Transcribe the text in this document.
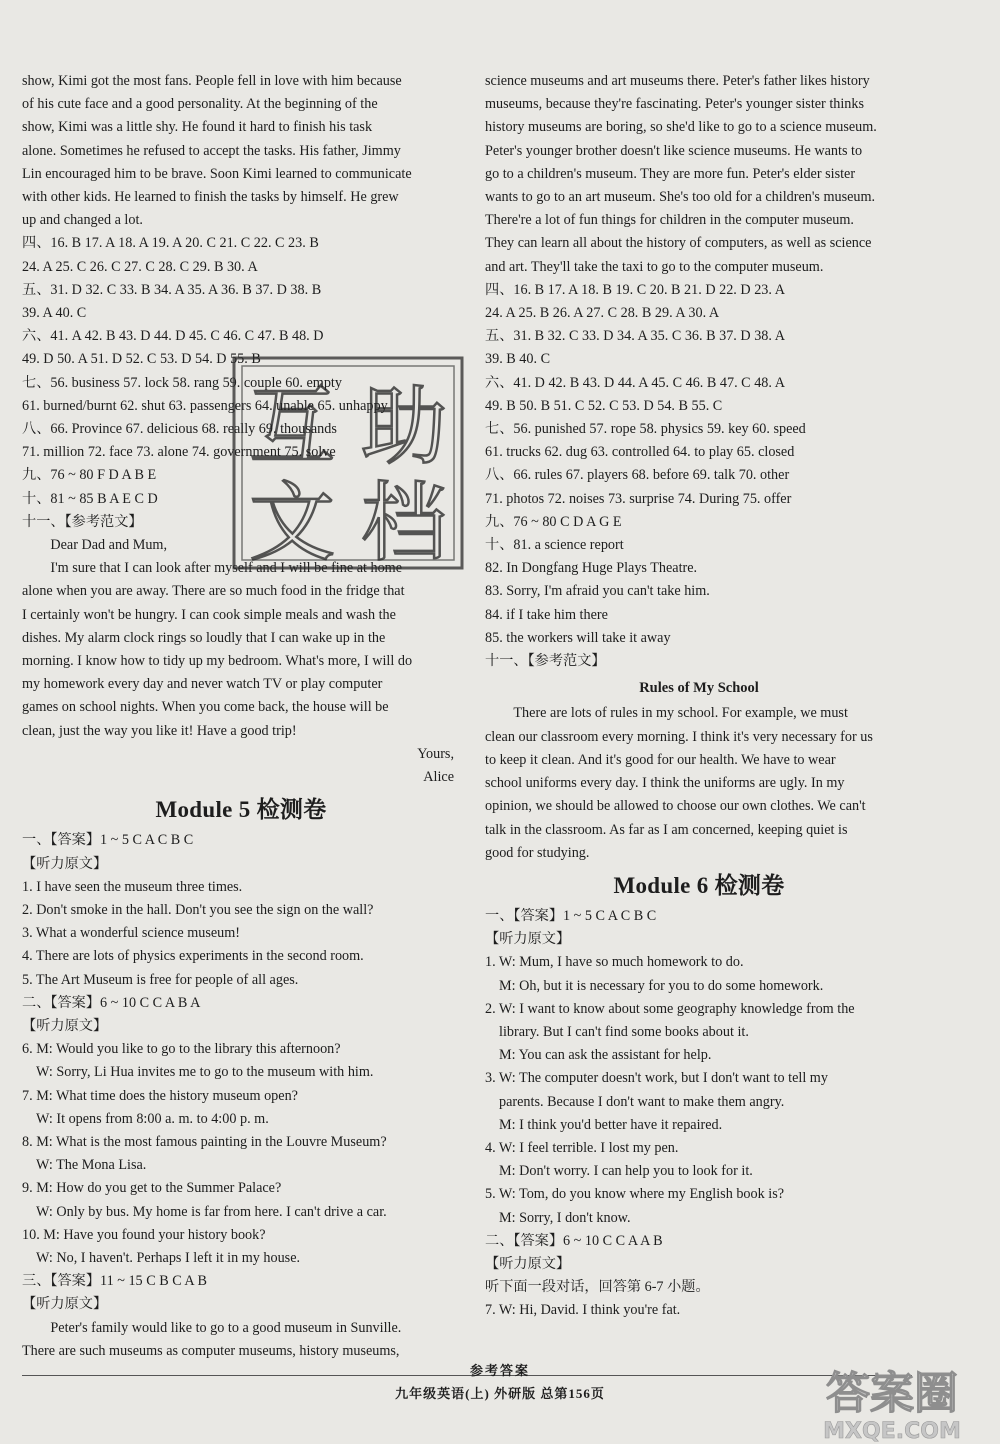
show, Kimi got the most fans. People fell in love with him because

of his cute face and a good personality. At the beginning of the

show, Kimi was a little shy. He found it hard to finish his task

alone. Sometimes he refused to accept the tasks. His father, Jimmy

Lin encouraged him to be brave. Soon Kimi learned to communicate

with other kids. He learned to finish the tasks by himself. He grew

up and changed a lot.

四、16. B 17. A 18. A 19. A 20. C 21. C 22. C 23. B

24. A 25. C 26. C 27. C 28. C 29. B 30. A

五、31. D 32. C 33. B 34. A 35. A 36. B 37. D 38. B

39. A 40. C

六、41. A 42. B 43. D 44. D 45. C 46. C 47. B 48. D

49. D 50. A 51. D 52. C 53. D 54. D 55. B

七、56. business 57. lock 58. rang 59. couple 60. empty

61. burned/burnt 62. shut 63. passengers 64. unable 65. unhappy

八、66. Province 67. delicious 68. really 69. thousands

71. million 72. face 73. alone 74. government 75. solve

九、76 ~ 80 F D A B E

十、81 ~ 85 B A E C D

十一、【参考范文】

Dear Dad and Mum,

I'm sure that I can look after myself and I will be fine at home

alone when you are away. There are so much food in the fridge that

I certainly won't be hungry. I can cook simple meals and wash the

dishes. My alarm clock rings so loudly that I can wake up in the

morning. I know how to tidy up my bedroom. What's more, I will do

my homework every day and never watch TV or play computer

games on school nights. When you come back, the house will be

clean, just the way you like it! Have a good trip!

Yours,

Alice

Module 5 检测卷

一、【答案】1 ~ 5 C A C B C

【听力原文】

1. I have seen the museum three times.

2. Don't smoke in the hall. Don't you see the sign on the wall?

3. What a wonderful science museum!

4. There are lots of physics experiments in the second room.

5. The Art Museum is free for people of all ages.

二、【答案】6 ~ 10 C C A B A

【听力原文】

6. M: Would you like to go to the library this afternoon?

W: Sorry, Li Hua invites me to go to the museum with him.

7. M: What time does the history museum open?

W: It opens from 8:00 a. m. to 4:00 p. m.

8. M: What is the most famous painting in the Louvre Museum?

W: The Mona Lisa.

9. M: How do you get to the Summer Palace?

W: Only by bus. My home is far from here. I can't drive a car.

10. M: Have you found your history book?

W: No, I haven't. Perhaps I left it in my house.

三、【答案】11 ~ 15 C B C A B

【听力原文】

Peter's family would like to go to a good museum in Sunville.

There are such museums as computer museums, history museums,

science museums and art museums there. Peter's father likes history

museums, because they're fascinating. Peter's younger sister thinks

history museums are boring, so she'd like to go to a science museum.

Peter's younger brother doesn't like science museums. He wants to

go to a children's museum. They are more fun. Peter's elder sister

wants to go to an art museum. She's too old for a children's museum.

There're a lot of fun things for children in the computer museum.

They can learn all about the history of computers, as well as science

and art. They'll take the taxi to go to the computer museum.

四、16. B 17. A 18. B 19. C 20. B 21. D 22. D 23. A

24. A 25. B 26. A 27. C 28. B 29. A 30. A

五、31. B 32. C 33. D 34. A 35. C 36. B 37. D 38. A

39. B 40. C

六、41. D 42. B 43. D 44. A 45. C 46. B 47. C 48. A

49. B 50. B 51. C 52. C 53. D 54. B 55. C

七、56. punished 57. rope 58. physics 59. key 60. speed

61. trucks 62. dug 63. controlled 64. to play 65. closed

八、66. rules 67. players 68. before 69. talk 70. other

71. photos 72. noises 73. surprise 74. During 75. offer

九、76 ~ 80 C D A G E

十、81. a science report

82. In Dongfang Huge Plays Theatre.

83. Sorry, I'm afraid you can't take him.

84. if I take him there

85. the workers will take it away

十一、【参考范文】

Rules of My School

There are lots of rules in my school. For example, we must

clean our classroom every morning. I think it's very necessary for us

to keep it clean. And it's good for our health. We have to wear

school uniforms every day. I think the uniforms are ugly. In my

opinion, we should be allowed to choose our own clothes. We can't

talk in the classroom. As far as I am concerned, keeping quiet is

good for studying.

Module 6 检测卷

一、【答案】1 ~ 5 C A C B C

【听力原文】

1. W: Mum, I have so much homework to do.

M: Oh, but it is necessary for you to do some homework.

2. W: I want to know about some geography knowledge from the

library. But I can't find some books about it.

M: You can ask the assistant for help.

3. W: The computer doesn't work, but I don't want to tell my

parents. Because I don't want to make them angry.

M: I think you'd better have it repaired.

4. W: I feel terrible. I lost my pen.

M: Don't worry. I can help you to look for it.

5. W: Tom, do you know where my English book is?

M: Sorry, I don't know.

二、【答案】6 ~ 10 C C A A B

【听力原文】

听下面一段对话，回答第 6-7 小题。

7. W: Hi, David. I think you're fat.

参考答案
九年级英语(上) 外研版 总第156页
互 助
文 档
答案圈
MXQE.COM
